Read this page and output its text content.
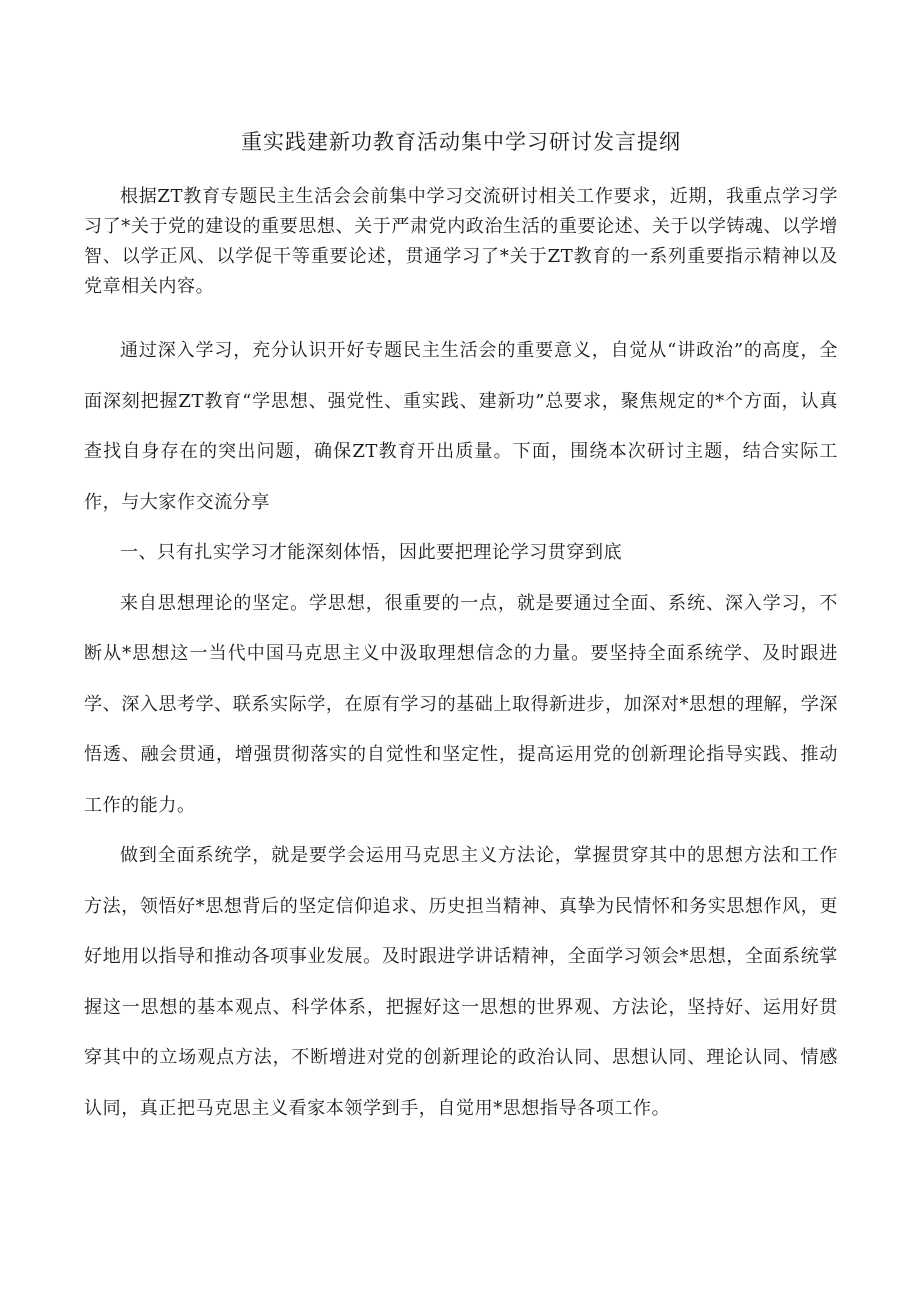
重实践建新功教育活动集中学习研讨发言提纲

根据ZT教育专题民主生活会会前集中学习交流研讨相关工作要求，近期，我重点学习学习了*关于党的建设的重要思想、关于严肃党内政治生活的重要论述、关于以学铸魂、以学增智、以学正风、以学促干等重要论述，贯通学习了*关于ZT教育的一系列重要指示精神以及党章相关内容。

通过深入学习，充分认识开好专题民主生活会的重要意义，自觉从“讲政治”的高度，全面深刻把握ZT教育“学思想、强党性、重实践、建新功”总要求，聚焦规定的*个方面，认真查找自身存在的突出问题，确保ZT教育开出质量。下面，围绕本次研讨主题，结合实际工作，与大家作交流分享

一、只有扎实学习才能深刻体悟，因此要把理论学习贯穿到底

来自思想理论的坚定。学思想，很重要的一点，就是要通过全面、系统、深入学习，不断从*思想这一当代中国马克思主义中汲取理想信念的力量。要坚持全面系统学、及时跟进学、深入思考学、联系实际学，在原有学习的基础上取得新进步，加深对*思想的理解，学深悟透、融会贯通，增强贯彻落实的自觉性和坚定性，提高运用党的创新理论指导实践、推动工作的能力。

做到全面系统学，就是要学会运用马克思主义方法论，掌握贯穿其中的思想方法和工作方法，领悟好*思想背后的坚定信仰追求、历史担当精神、真挚为民情怀和务实思想作风，更好地用以指导和推动各项事业发展。及时跟进学讲话精神，全面学习领会*思想，全面系统掌握这一思想的基本观点、科学体系，把握好这一思想的世界观、方法论，坚持好、运用好贯穿其中的立场观点方法，不断增进对党的创新理论的政治认同、思想认同、理论认同、情感认同，真正把马克思主义看家本领学到手，自觉用*思想指导各项工作。
